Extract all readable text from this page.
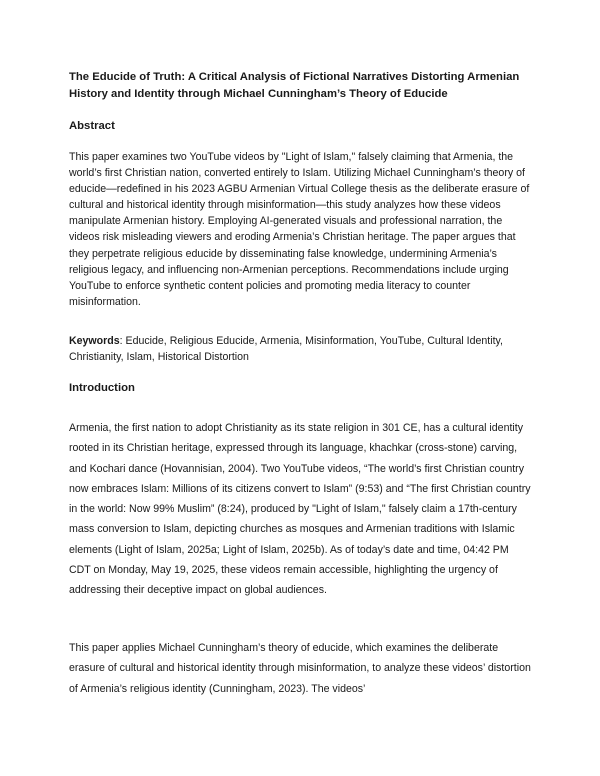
The Educide of Truth: A Critical Analysis of Fictional Narratives Distorting Armenian History and Identity through Michael Cunningham’s Theory of Educide
Abstract

This paper examines two YouTube videos by "Light of Islam," falsely claiming that Armenia, the world’s first Christian nation, converted entirely to Islam. Utilizing Michael Cunningham’s theory of educide—redefined in his 2023 AGBU Armenian Virtual College thesis as the deliberate erasure of cultural and historical identity through misinformation—this study analyzes how these videos manipulate Armenian history. Employing AI-generated visuals and professional narration, the videos risk misleading viewers and eroding Armenia’s Christian heritage. The paper argues that they perpetrate religious educide by disseminating false knowledge, undermining Armenia’s religious legacy, and influencing non-Armenian perceptions. Recommendations include urging YouTube to enforce synthetic content policies and promoting media literacy to counter misinformation.

Keywords: Educide, Religious Educide, Armenia, Misinformation, YouTube, Cultural Identity, Christianity, Islam, Historical Distortion

Introduction

Armenia, the first nation to adopt Christianity as its state religion in 301 CE, has a cultural identity rooted in its Christian heritage, expressed through its language, khachkar (cross-stone) carving, and Kochari dance (Hovannisian, 2004). Two YouTube videos, “The world’s first Christian country now embraces Islam: Millions of its citizens convert to Islam” (9:53) and “The first Christian country in the world: Now 99% Muslim” (8:24), produced by "Light of Islam," falsely claim a 17th-century mass conversion to Islam, depicting churches as mosques and Armenian traditions with Islamic elements (Light of Islam, 2025a; Light of Islam, 2025b). As of today’s date and time, 04:42 PM CDT on Monday, May 19, 2025, these videos remain accessible, highlighting the urgency of addressing their deceptive impact on global audiences.

This paper applies Michael Cunningham’s theory of educide, which examines the deliberate erasure of cultural and historical identity through misinformation, to analyze these videos’ distortion of Armenia’s religious identity (Cunningham, 2023). The videos’
